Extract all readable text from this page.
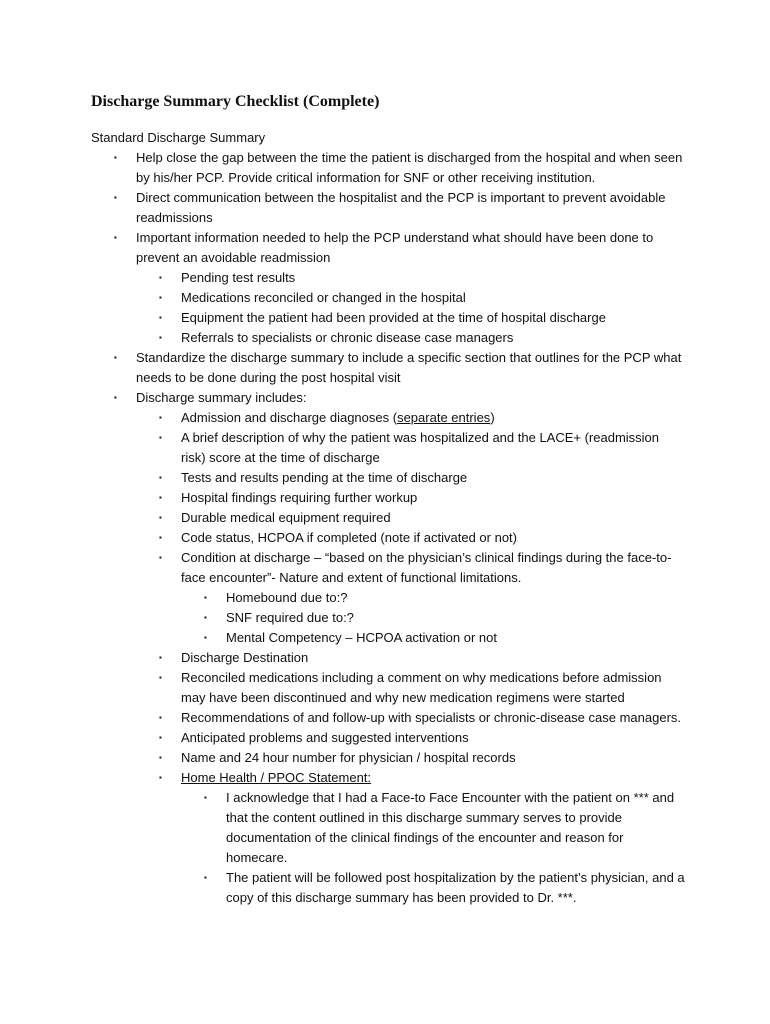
Discharge Summary Checklist (Complete)
Standard Discharge Summary
▪ Help close the gap between the time the patient is discharged from the hospital and when seen by his/her PCP. Provide critical information for SNF or other receiving institution.
▪ Direct communication between the hospitalist and the PCP is important to prevent avoidable readmissions
▪ Important information needed to help the PCP understand what should have been done to prevent an avoidable readmission
▪ Pending test results
▪ Medications reconciled or changed in the hospital
▪ Equipment the patient had been provided at the time of hospital discharge
▪ Referrals to specialists or chronic disease case managers
▪ Standardize the discharge summary to include a specific section that outlines for the PCP what needs to be done during the post hospital visit
▪ Discharge summary includes:
▪ Admission and discharge diagnoses (separate entries)
▪ A brief description of why the patient was hospitalized and the LACE+ (readmission risk) score at the time of discharge
▪ Tests and results pending at the time of discharge
▪ Hospital findings requiring further workup
▪ Durable medical equipment required
▪ Code status, HCPOA if completed (note if activated or not)
▪ Condition at discharge – “based on the physician’s clinical findings during the face-to-face encounter”- Nature and extent of functional limitations.
▪ Homebound due to:?
▪ SNF required due to:?
▪ Mental Competency – HCPOA activation or not
▪ Discharge Destination
▪ Reconciled medications including a comment on why medications before admission may have been discontinued and why new medication regimens were started
▪ Recommendations of and follow-up with specialists or chronic-disease case managers.
▪ Anticipated problems and suggested interventions
▪ Name and 24 hour number for physician / hospital records
▪ Home Health / PPOC Statement:
▪ I acknowledge that I had a Face-to Face Encounter with the patient on *** and that the content outlined in this discharge summary serves to provide documentation of the clinical findings of the encounter and reason for homecare.
▪ The patient will be followed post hospitalization by the patient’s physician, and a copy of this discharge summary has been provided to Dr. ***.
